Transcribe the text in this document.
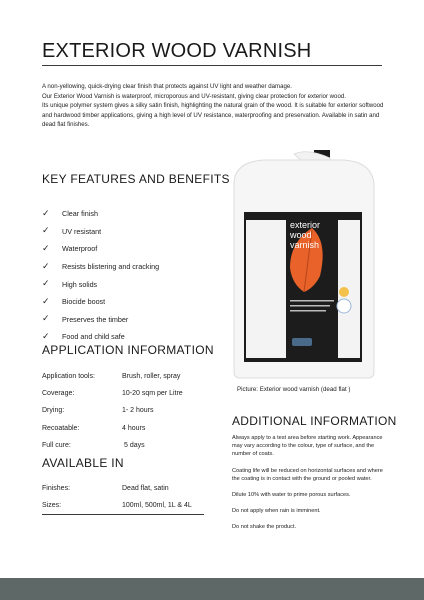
EXTERIOR WOOD VARNISH
A non-yellowing, quick-drying clear finish that protects against UV light and weather damage.
Our Exterior Wood Varnish is waterproof, microporous and UV-resistant, giving clear protection for exterior wood.
Its unique polymer system gives a silky satin finish, highlighting the natural grain of the wood. It is suitable for exterior softwood and hardwood timber applications, giving a high level of UV resistance, waterproofing and preservation. Available in satin and dead flat finishes.
KEY FEATURES AND BENEFITS
✓	Clear finish
✓	UV resistant
✓	Waterproof
✓	Resists blistering and cracking
✓	High solids
✓	Biocide boost
✓	Preserves the timber
✓	Food and child safe
APPLICATION INFORMATION
Application tools:	Brush, roller, spray
Coverage:	10-20 sqm per Litre
Drying:	1- 2 hours
Recoatable:	4 hours
Full cure:	5 days
AVAILABLE IN
Finishes:	Dead flat, satin
Sizes:	100ml, 500ml, 1L & 4L
exterior
wood
varnish
Picture: Exterior wood varnish (dead flat )
ADDITIONAL INFORMATION

Always apply to a test area before starting work. Appearance may vary according to the colour, type of surface, and the number of coats.

Coating life will be reduced on horizontal surfaces and where the coating is in contact with the ground or pooled water.

Dilute 10% with water to prime porous surfaces.

Do not apply when rain is imminent.

Do not shake the product.
